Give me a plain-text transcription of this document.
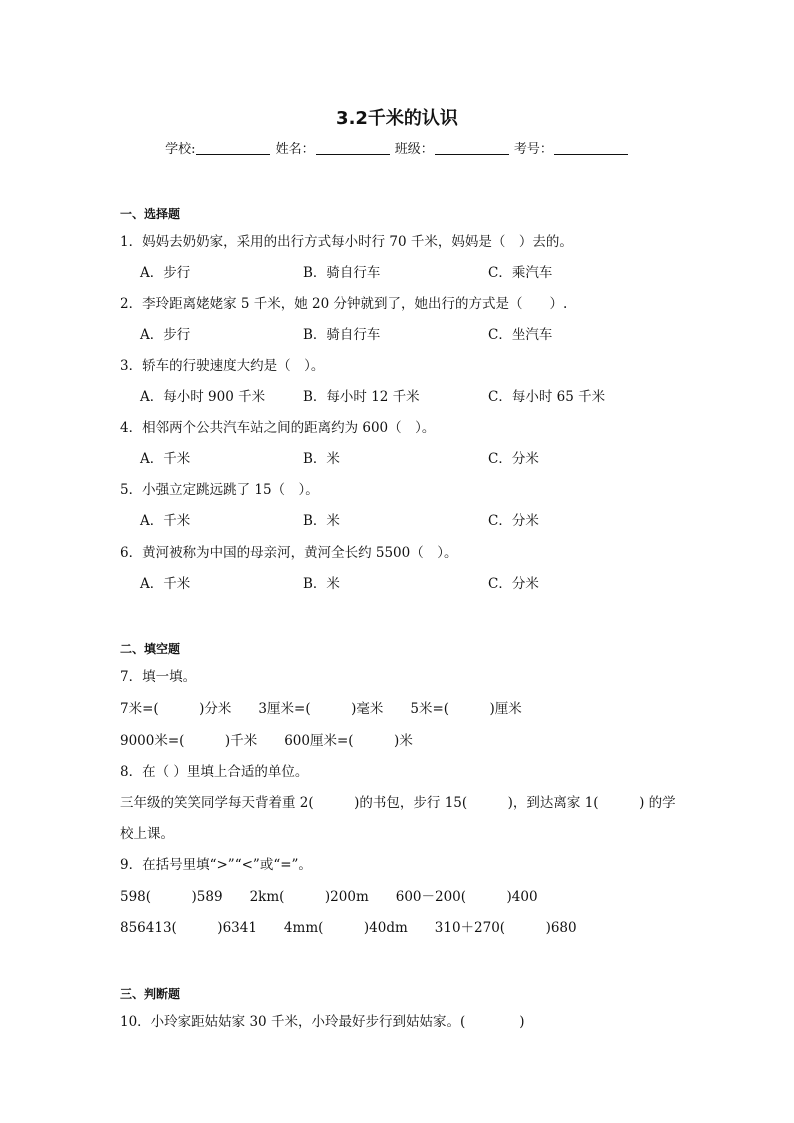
3.2千米的认识
学校:	姓名：	班级：	考号：
一、选择题
1．妈妈去奶奶家，采用的出行方式每小时行 70 千米，妈妈是（　）去的。
A．步行	B．骑自行车	C．乘汽车
2．李玲距离姥姥家 5 千米，她 20 分钟就到了，她出行的方式是（　　）.
A．步行	B．骑自行车	C．坐汽车
3．轿车的行驶速度大约是（　）。
A．每小时 900 千米	B．每小时 12 千米	C．每小时 65 千米
4．相邻两个公共汽车站之间的距离约为 600（　）。
A．千米	B．米	C．分米
5．小强立定跳远跳了 15（　）。
A．千米	B．米	C．分米
6．黄河被称为中国的母亲河，黄河全长约 5500（　）。
A．千米	B．米	C．分米
二、填空题
7．填一填。
7米=(　　　)分米　　3厘米=(　　　)毫米　　5米=(　　　)厘米
9000米=(　　　)千米　　600厘米=(　　　)米
8．在（ ）里填上合适的单位。
三年级的笑笑同学每天背着重 2(　　　)的书包，步行 15(　　　)，到达离家 1(　　　) 的学
校上课。
9．在括号里填“>”“<”或“=”。
598(　　　)589　　2km(　　　)200m　　600－200(　　　)400
856413(　　　)6341　　4mm(　　　)40dm　　310＋270(　　　)680
三、判断题
10．小玲家距姑姑家 30 千米，小玲最好步行到姑姑家。(　　　　)
